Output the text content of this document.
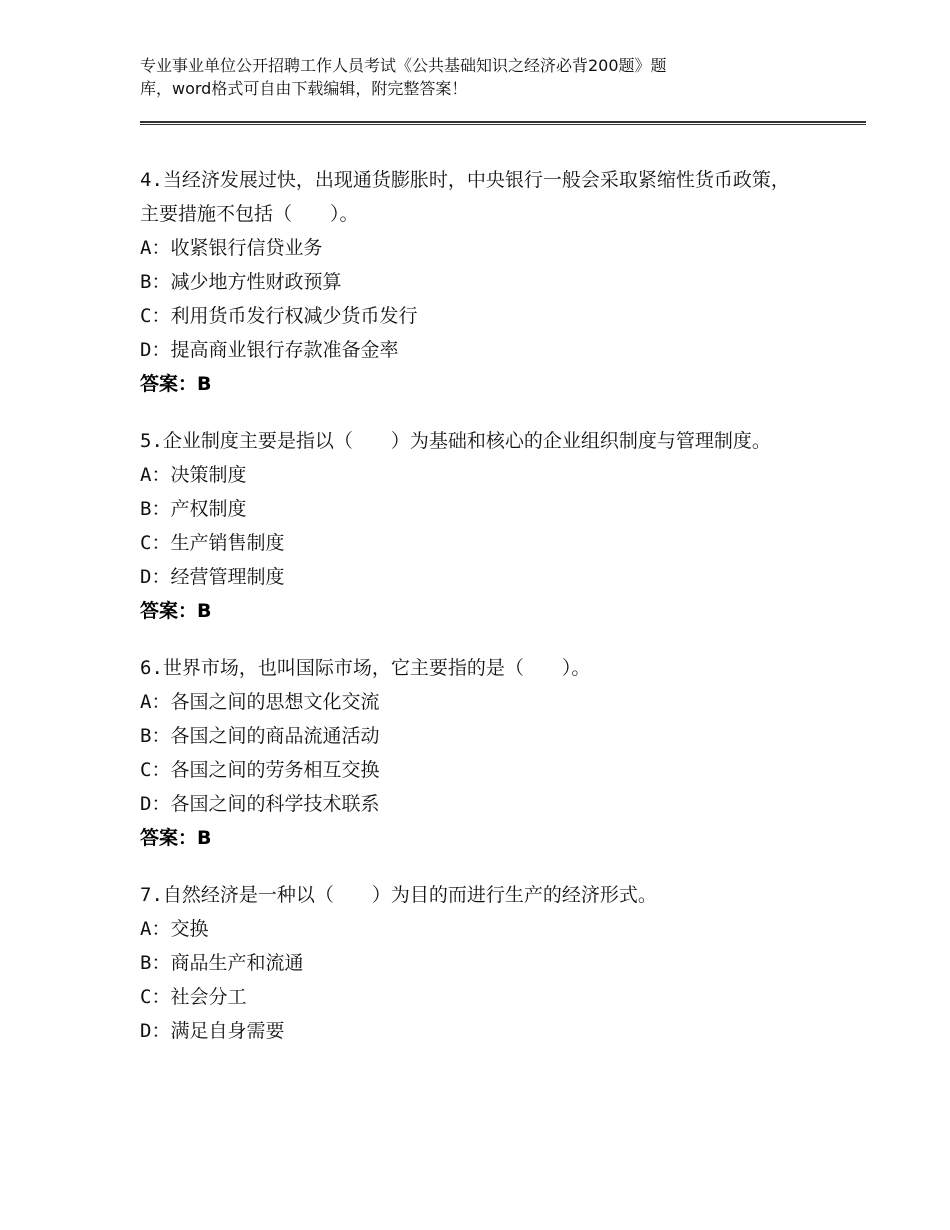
专业事业单位公开招聘工作人员考试《公共基础知识之经济必背200题》题
库，word格式可自由下载编辑，附完整答案！
4.当经济发展过快，出现通货膨胀时，中央银行一般会采取紧缩性货币政策，主要措施不包括（　　）。
A：收紧银行信贷业务
B：减少地方性财政预算
C：利用货币发行权减少货币发行
D：提高商业银行存款准备金率
答案：B
5.企业制度主要是指以（　　）为基础和核心的企业组织制度与管理制度。
A：决策制度
B：产权制度
C：生产销售制度
D：经营管理制度
答案：B
6.世界市场，也叫国际市场，它主要指的是（　　）。
A：各国之间的思想文化交流
B：各国之间的商品流通活动
C：各国之间的劳务相互交换
D：各国之间的科学技术联系
答案：B
7.自然经济是一种以（　　）为目的而进行生产的经济形式。
A：交换
B：商品生产和流通
C：社会分工
D：满足自身需要
